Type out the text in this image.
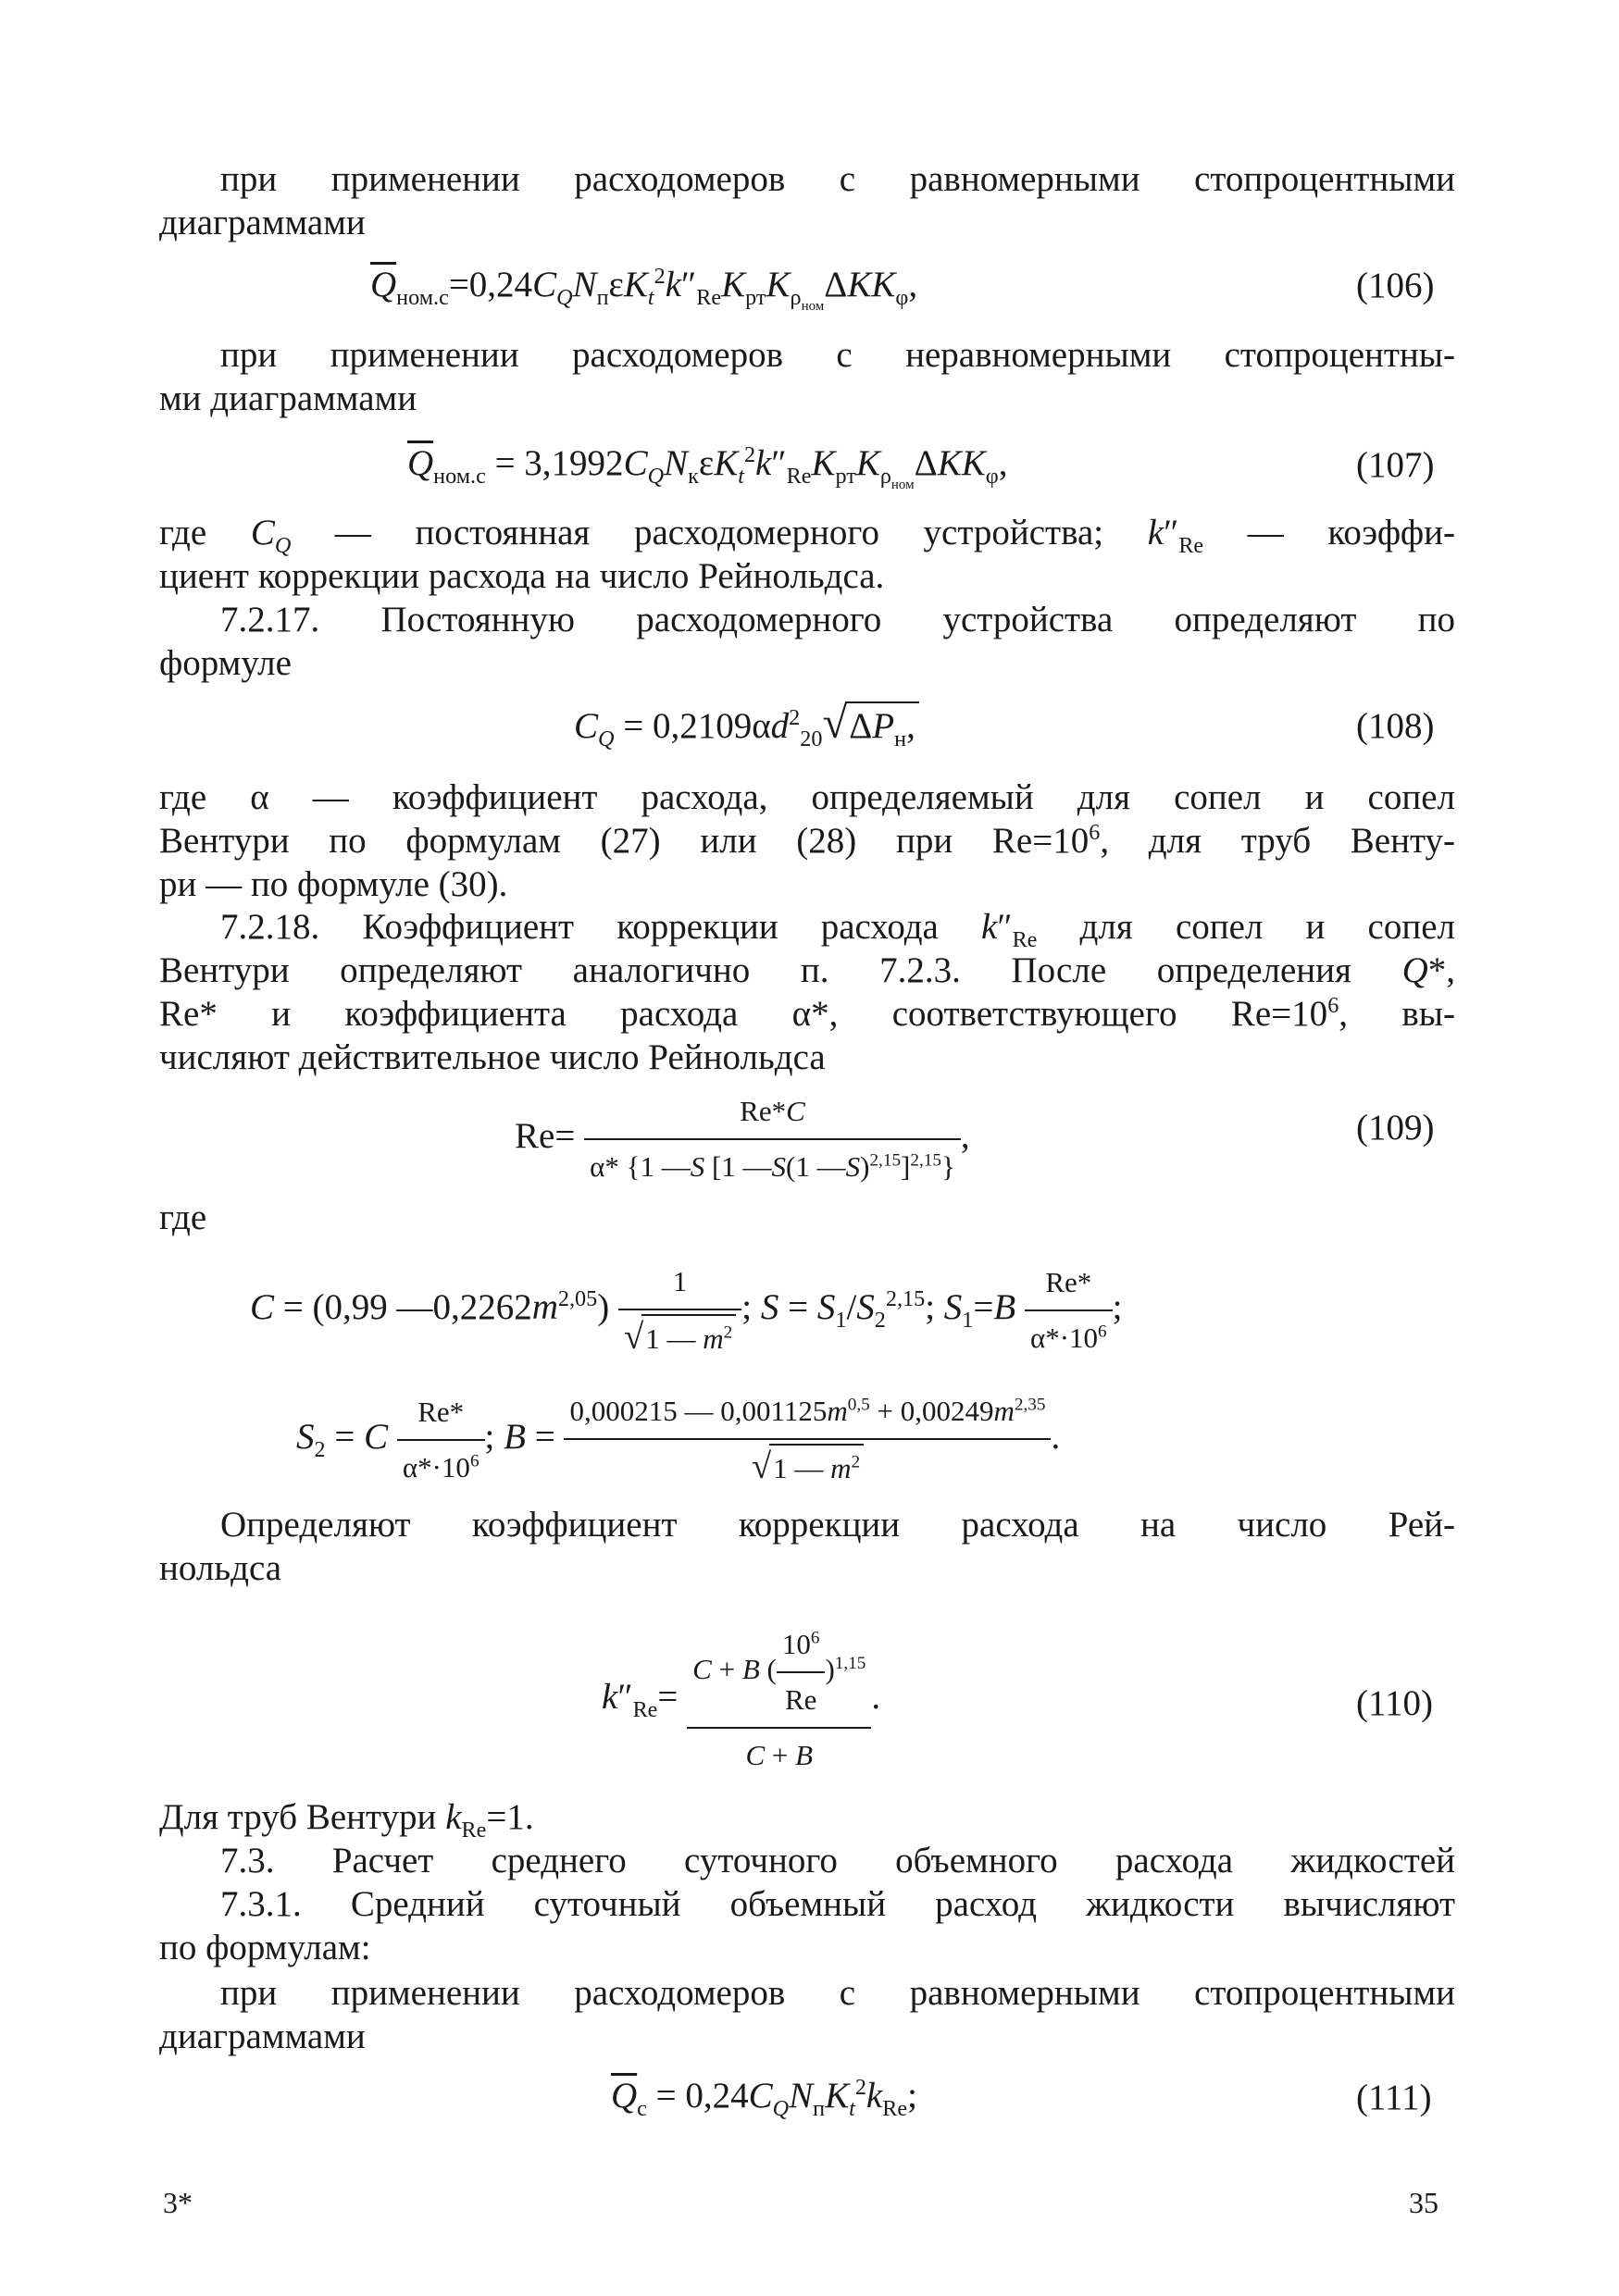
при применении расходомеров с равномерными стопроцентными
диаграммами
$\overline{Q}_{ном.с}=0,24C_QN_п\varepsilon K_t^2k''_{Re}K_{рт}K_{\rho_{ном}}\Delta KK_\varphi$,	(106)
при применении расходомеров с неравномерными стопроцентны-
ми диаграммами
$\overline{Q}_{ном.с} = 3,1992C_QN_к\varepsilon K_t^2k''_{Re}K_{рт}K_{\rho_{ном}}\Delta KK_\varphi$,	(107)
где $C_Q$ — постоянная расходомерного устройства; $k''_{Re}$ — коэффи-
циент коррекции расхода на число Рейнольдса.
7.2.17. Постоянную расходомерного устройства определяют по
формуле
$C_Q = 0,2109\alpha d^2_{20}√\Delta P_н$,	(108)
где α — коэффициент расхода, определяемый для сопел и сопел
Вентури по формулам (27) или (28) при $Re=10^6$, для труб Венту-
ри — по формуле (30).
7.2.18. Коэффициент коррекции расхода $k''_{Re}$ для сопел и сопел
Вентури определяют аналогично п. 7.2.3. После определения Q*,
Re* и коэффициента расхода α*, соответствующего $Re=10^6$, вы-
числяют действительное число Рейнольдса
$Re= \frac{Re*C}{\alpha* \{1 —S [1 —S(1 —S)^{2,15}]^{2,15}\}}$ ,	(109)
где
C = (0,99 $—0,2262m^{2,05}) \frac{1}{√1 — m^2}$ ; $S = S_1/S_2^{2,15}$; $S_1=B \frac{Re*}{\alpha*\cdot 10^6}$ ;
$S_2 = C \frac{Re*}{\alpha*\cdot 10^6}$ ; $B = \frac{0,000215 — 0,001125m^{0,5} + 0,00249m^{2,35}}{√1 — m^2}$ .
Определяют коэффициент коррекции расхода на число Рей-
нольдса
$k''_{Re}= \frac{C + B ( \frac{10^6}{Re} )^{1,15}}{C + B}$ .	(110)
Для труб Вентури $k_{Re}=1$.
7.3. Расчет среднего суточного объемного расхода жидкостей
7.3.1. Средний суточный объемный расход жидкости вычисляют
по формулам:
при применении расходомеров с равномерными стопроцентными
диаграммами
$\overline{Q}_с = 0,24C_QN_пK_t^2k_{Re}$;	(111)
3*	35
